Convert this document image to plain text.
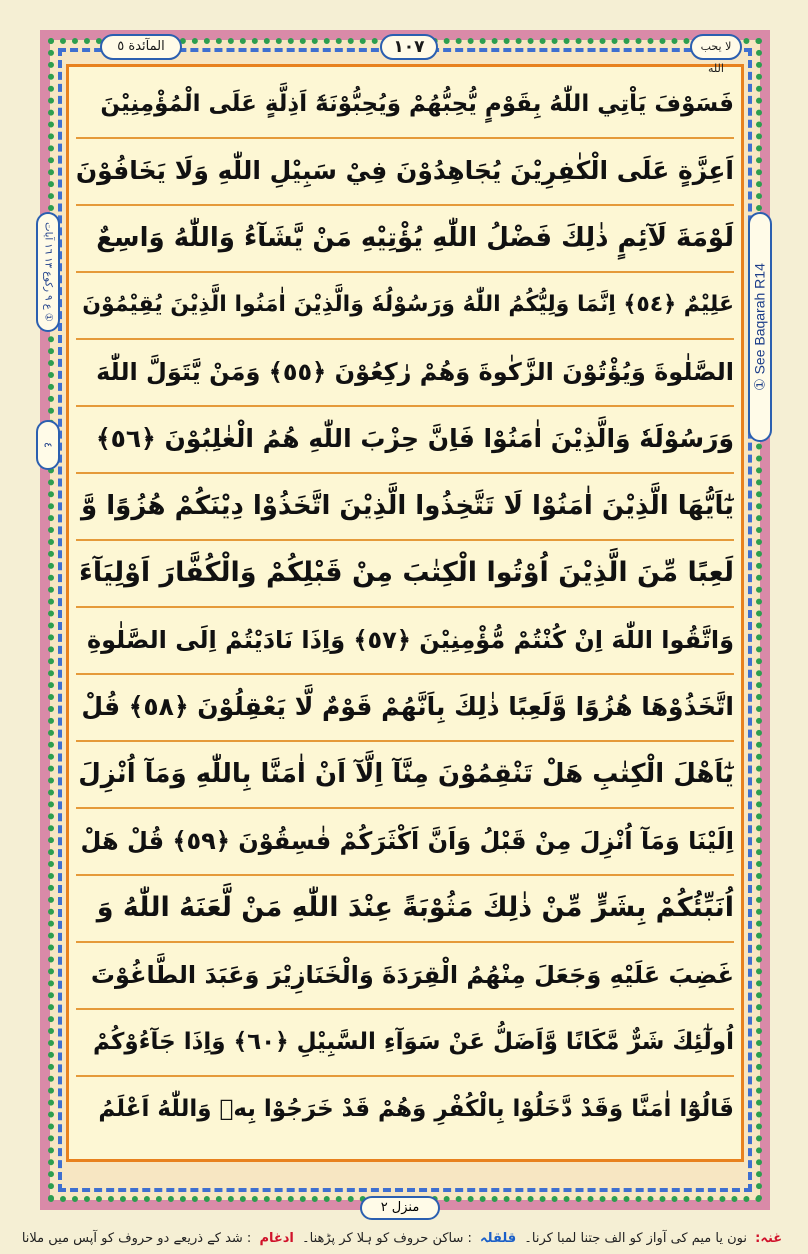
المآئدة ٥	١٠٧	لا يحب الله
① See Baqarah R14
① ع ٩ رکوع ١٣ ١٦ آیات
٤
فَسَوْفَ يَاْتِي اللّٰهُ بِقَوْمٍ يُّحِبُّهُمْ وَيُحِبُّوْنَهٗٓ اَذِلَّةٍ عَلَى الْمُؤْمِنِيْنَ
اَعِزَّةٍ عَلَى الْكٰفِرِيْنَ يُجَاهِدُوْنَ فِيْ سَبِيْلِ اللّٰهِ وَلَا يَخَافُوْنَ
لَوْمَةَ لَآئِمٍ ذٰلِكَ فَضْلُ اللّٰهِ يُؤْتِيْهِ مَنْ يَّشَآءُ وَاللّٰهُ وَاسِعٌ
عَلِيْمٌ ﴿٥٤﴾ اِنَّمَا وَلِيُّكُمُ اللّٰهُ وَرَسُوْلُهٗ وَالَّذِيْنَ اٰمَنُوا الَّذِيْنَ يُقِيْمُوْنَ
الصَّلٰوةَ وَيُؤْتُوْنَ الزَّكٰوةَ وَهُمْ رٰكِعُوْنَ ﴿٥٥﴾ وَمَنْ يَّتَوَلَّ اللّٰهَ
وَرَسُوْلَهٗ وَالَّذِيْنَ اٰمَنُوْا فَاِنَّ حِزْبَ اللّٰهِ هُمُ الْغٰلِبُوْنَ ﴿٥٦﴾
يٰٓاَيُّهَا الَّذِيْنَ اٰمَنُوْا لَا تَتَّخِذُوا الَّذِيْنَ اتَّخَذُوْا دِيْنَكُمْ هُزُوًا وَّ
لَعِبًا مِّنَ الَّذِيْنَ اُوْتُوا الْكِتٰبَ مِنْ قَبْلِكُمْ وَالْكُفَّارَ اَوْلِيَآءَ
وَاتَّقُوا اللّٰهَ اِنْ كُنْتُمْ مُّؤْمِنِيْنَ ﴿٥٧﴾ وَاِذَا نَادَيْتُمْ اِلَى الصَّلٰوةِ
اتَّخَذُوْهَا هُزُوًا وَّلَعِبًا ذٰلِكَ بِاَنَّهُمْ قَوْمٌ لَّا يَعْقِلُوْنَ ﴿٥٨﴾ قُلْ
يٰٓاَهْلَ الْكِتٰبِ هَلْ تَنْقِمُوْنَ مِنَّآ اِلَّآ اَنْ اٰمَنَّا بِاللّٰهِ وَمَآ اُنْزِلَ
اِلَيْنَا وَمَآ اُنْزِلَ مِنْ قَبْلُ وَاَنَّ اَكْثَرَكُمْ فٰسِقُوْنَ ﴿٥٩﴾ قُلْ هَلْ
اُنَبِّئُكُمْ بِشَرٍّ مِّنْ ذٰلِكَ مَثُوْبَةً عِنْدَ اللّٰهِ مَنْ لَّعَنَهُ اللّٰهُ وَ
غَضِبَ عَلَيْهِ وَجَعَلَ مِنْهُمُ الْقِرَدَةَ وَالْخَنَازِيْرَ وَعَبَدَ الطَّاغُوْتَ
اُولٰٓئِكَ شَرٌّ مَّكَانًا وَّاَضَلُّ عَنْ سَوَآءِ السَّبِيْلِ ﴿٦٠﴾ وَاِذَا جَآءُوْكُمْ
قَالُوْٓا اٰمَنَّا وَقَدْ دَّخَلُوْا بِالْكُفْرِ وَهُمْ قَدْ خَرَجُوْا بِهٖ وَاللّٰهُ اَعْلَمُ
منزل ٢
غنہ: نون یا میم کی آواز کو الف جتنا لمبا کرنا۔ قلقلہ : ساکن حروف کو ہلا کر پڑھنا۔ ادغام : شد کے ذریعے دو حروف کو آپس میں ملانا
